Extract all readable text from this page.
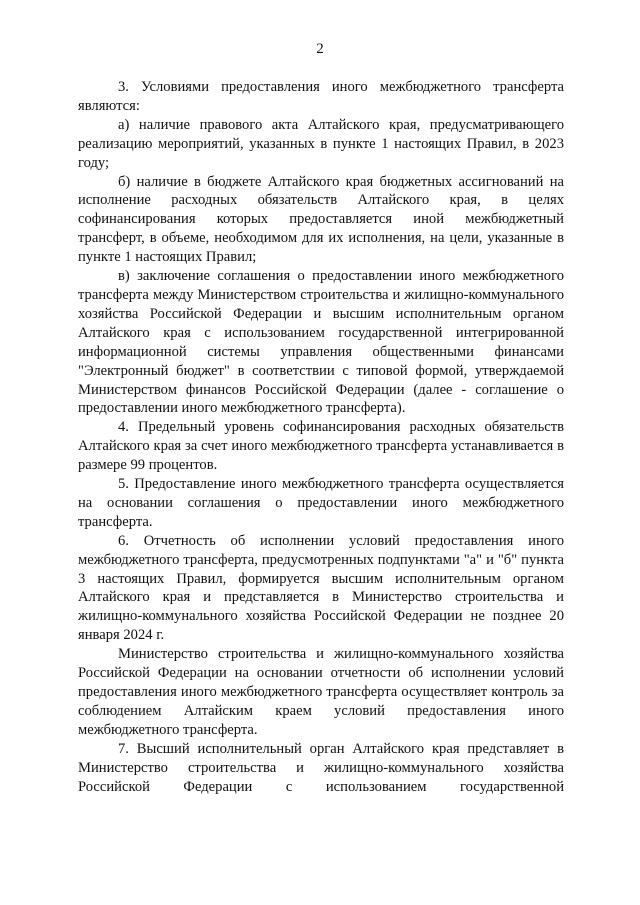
2

3. Условиями предоставления иного межбюджетного трансферта являются:

а) наличие правового акта Алтайского края, предусматривающего реализацию мероприятий, указанных в пункте 1 настоящих Правил, в 2023 году;

б) наличие в бюджете Алтайского края бюджетных ассигнований на исполнение расходных обязательств Алтайского края, в целях софинансирования которых предоставляется иной межбюджетный трансферт, в объеме, необходимом для их исполнения, на цели, указанные в пункте 1 настоящих Правил;

в) заключение соглашения о предоставлении иного межбюджетного трансферта между Министерством строительства и жилищно-коммунального хозяйства Российской Федерации и высшим исполнительным органом Алтайского края с использованием государственной интегрированной информационной системы управления общественными финансами "Электронный бюджет" в соответствии с типовой формой, утверждаемой Министерством финансов Российской Федерации (далее - соглашение о предоставлении иного межбюджетного трансферта).

4. Предельный уровень софинансирования расходных обязательств Алтайского края за счет иного межбюджетного трансферта устанавливается в размере 99 процентов.

5. Предоставление иного межбюджетного трансферта осуществляется на основании соглашения о предоставлении иного межбюджетного трансферта.

6. Отчетность об исполнении условий предоставления иного межбюджетного трансферта, предусмотренных подпунктами "а" и "б" пункта 3 настоящих Правил, формируется высшим исполнительным органом Алтайского края и представляется в Министерство строительства и жилищно-коммунального хозяйства Российской Федерации не позднее 20 января 2024 г.

Министерство строительства и жилищно-коммунального хозяйства Российской Федерации на основании отчетности об исполнении условий предоставления иного межбюджетного трансферта осуществляет контроль за соблюдением Алтайским краем условий предоставления иного межбюджетного трансферта.

7. Высший исполнительный орган Алтайского края представляет в Министерство строительства и жилищно-коммунального хозяйства Российской Федерации с использованием государственной
